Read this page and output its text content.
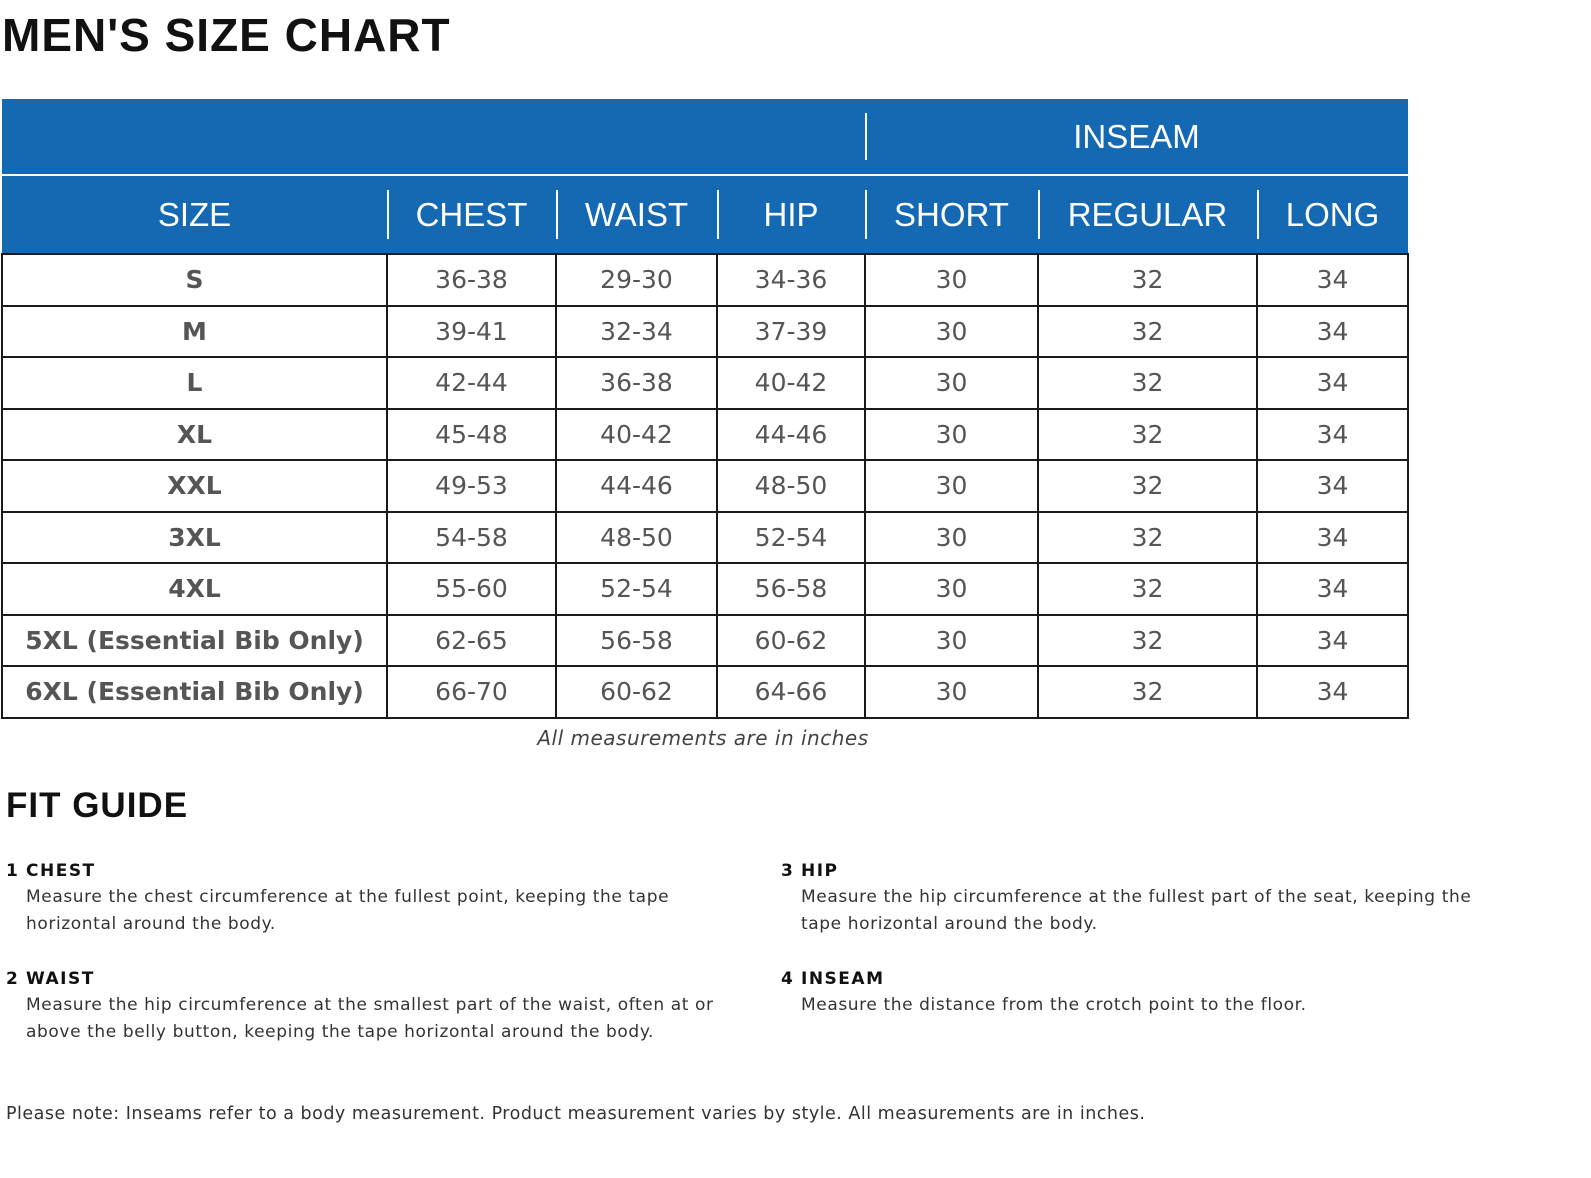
MEN'S SIZE CHART
				INSEAM		
SIZE	CHEST	WAIST	HIP	SHORT	REGULAR	LONG
S	36-38	29-30	34-36	30	32	34
M	39-41	32-34	37-39	30	32	34
L	42-44	36-38	40-42	30	32	34
XL	45-48	40-42	44-46	30	32	34
XXL	49-53	44-46	48-50	30	32	34
3XL	54-58	48-50	52-54	30	32	34
4XL	55-60	52-54	56-58	30	32	34
5XL (Essential Bib Only)	62-65	56-58	60-62	30	32	34
6XL (Essential Bib Only)	66-70	60-62	64-66	30	32	34
All measurements are in inches
FIT GUIDE
1 CHEST
Measure the chest circumference at the fullest point, keeping the tape horizontal around the body.
2 WAIST
Measure the hip circumference at the smallest part of the waist, often at or above the belly button, keeping the tape horizontal around the body.
3 HIP
Measure the hip circumference at the fullest part of the seat, keeping the tape horizontal around the body.
4 INSEAM
Measure the distance from the crotch point to the floor.
Please note: Inseams refer to a body measurement. Product measurement varies by style. All measurements are in inches.
